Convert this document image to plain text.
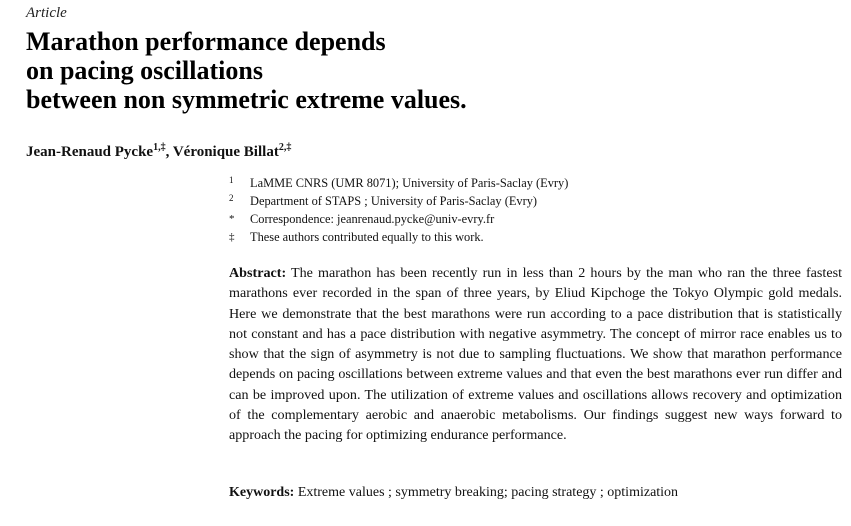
Article
Marathon performance depends
on pacing oscillations
between non symmetric extreme values.
Jean-Renaud Pycke$^{1,\ddagger}$, Véronique Billat$^{2,\ddagger}$
1 LaMME CNRS (UMR 8071); University of Paris-Saclay (Evry)
2 Department of STAPS ; University of Paris-Saclay (Evry)
* Correspondence: jeanrenaud.pycke@univ-evry.fr
‡ These authors contributed equally to this work.

Abstract: The marathon has been recently run in less than 2 hours by the man who ran the three fastest marathons ever recorded in the span of three years, by Eliud Kipchoge the Tokyo Olympic gold medals. Here we demonstrate that the best marathons were run according to a pace distribution that is statistically not constant and has a pace distribution with negative asymmetry. The concept of mirror race enables us to show that the sign of asymmetry is not due to sampling fluctuations. We show that marathon performance depends on pacing oscillations between extreme values and that even the best marathons ever run differ and can be improved upon. The utilization of extreme values and oscillations allows recovery and optimization of the complementary aerobic and anaerobic metabolisms. Our findings suggest new ways forward to approach the pacing for optimizing endurance performance.

Keywords: Extreme values ; symmetry breaking; pacing strategy ; optimization
